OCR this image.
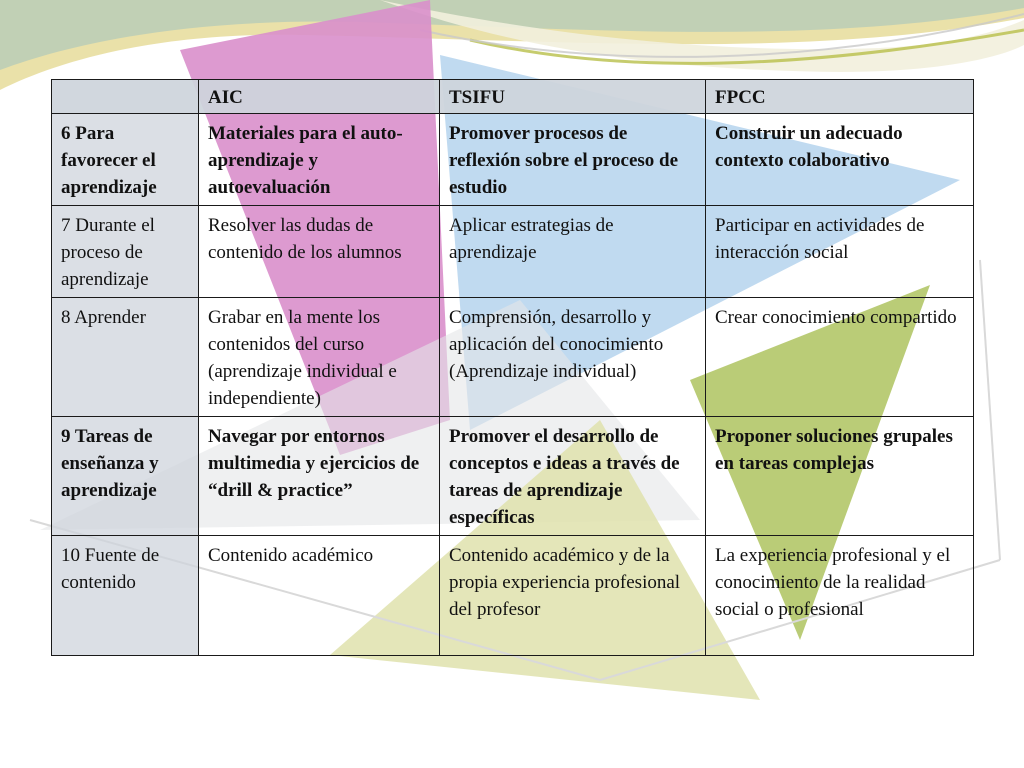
	AIC	TSIFU	FPCC
6 Para favorecer el aprendizaje	Materiales para el auto-aprendizaje y autoevaluación	Promover procesos de reflexión sobre el proceso de estudio	Construir un adecuado contexto colaborativo
7 Durante el proceso de aprendizaje	Resolver las dudas de contenido de los alumnos	Aplicar estrategias de aprendizaje	Participar en actividades de interacción social
8 Aprender	Grabar en la mente los contenidos del curso (aprendizaje individual e independiente)	Comprensión, desarrollo y aplicación del conocimiento (Aprendizaje individual)	Crear conocimiento compartido
9 Tareas de enseñanza y aprendizaje	Navegar por entornos multimedia y ejercicios de “drill & practice”	Promover el desarrollo de conceptos e ideas a través de tareas de aprendizaje específicas	Proponer soluciones grupales en tareas complejas
10 Fuente de contenido	Contenido académico	Contenido académico y de la propia experiencia profesional del profesor	La experiencia profesional y el conocimiento de la realidad social o profesional
